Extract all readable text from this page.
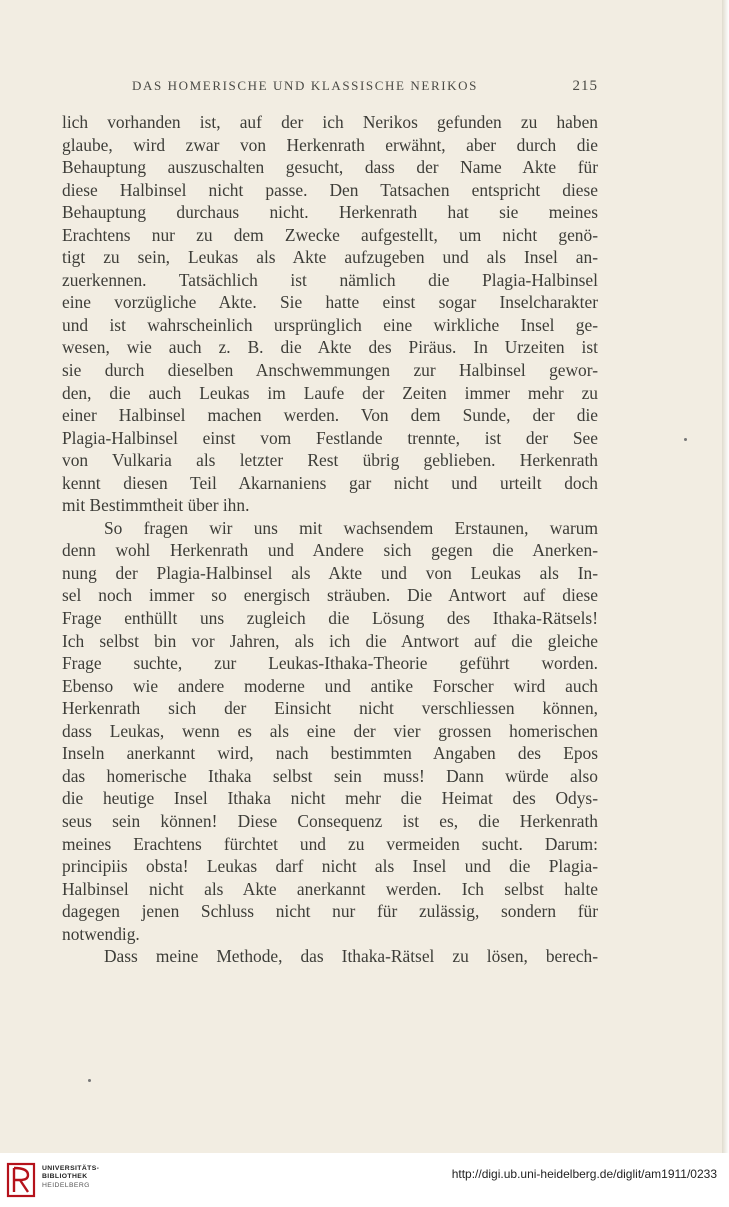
DAS HOMERISCHE UND KLASSISCHE NERIKOS	215
lich vorhanden ist, auf der ich Nerikos gefunden zu haben
glaube, wird zwar von Herkenrath erwähnt, aber durch die
Behauptung auszuschalten gesucht, dass der Name Akte für
diese Halbinsel nicht passe. Den Tatsachen entspricht diese
Behauptung durchaus nicht. Herkenrath hat sie meines
Erachtens nur zu dem Zwecke aufgestellt, um nicht genö-
tigt zu sein, Leukas als Akte aufzugeben und als Insel an-
zuerkennen. Tatsächlich ist nämlich die Plagia-Halbinsel
eine vorzügliche Akte. Sie hatte einst sogar Inselcharakter
und ist wahrscheinlich ursprünglich eine wirkliche Insel ge-
wesen, wie auch z. B. die Akte des Piräus. In Urzeiten ist
sie durch dieselben Anschwemmungen zur Halbinsel gewor-
den, die auch Leukas im Laufe der Zeiten immer mehr zu
einer Halbinsel machen werden. Von dem Sunde, der die
Plagia-Halbinsel einst vom Festlande trennte, ist der See
von Vulkaria als letzter Rest übrig geblieben. Herkenrath
kennt diesen Teil Akarnaniens gar nicht und urteilt doch
mit Bestimmtheit über ihn.
So fragen wir uns mit wachsendem Erstaunen, warum
denn wohl Herkenrath und Andere sich gegen die Anerken-
nung der Plagia-Halbinsel als Akte und von Leukas als In-
sel noch immer so energisch sträuben. Die Antwort auf diese
Frage enthüllt uns zugleich die Lösung des Ithaka-Rätsels!
Ich selbst bin vor Jahren, als ich die Antwort auf die gleiche
Frage suchte, zur Leukas-Ithaka-Theorie geführt worden.
Ebenso wie andere moderne und antike Forscher wird auch
Herkenrath sich der Einsicht nicht verschliessen können,
dass Leukas, wenn es als eine der vier grossen homerischen
Inseln anerkannt wird, nach bestimmten Angaben des Epos
das homerische Ithaka selbst sein muss! Dann würde also
die heutige Insel Ithaka nicht mehr die Heimat des Odys-
seus sein können! Diese Consequenz ist es, die Herkenrath
meines Erachtens fürchtet und zu vermeiden sucht. Darum:
principiis obsta! Leukas darf nicht als Insel und die Plagia-
Halbinsel nicht als Akte anerkannt werden. Ich selbst halte
dagegen jenen Schluss nicht nur für zulässig, sondern für
notwendig.
Dass meine Methode, das Ithaka-Rätsel zu lösen, berech-
UNIVERSITÄTS-
BIBLIOTHEK
HEIDELBERG
http://digi.ub.uni-heidelberg.de/diglit/am1911/0233
